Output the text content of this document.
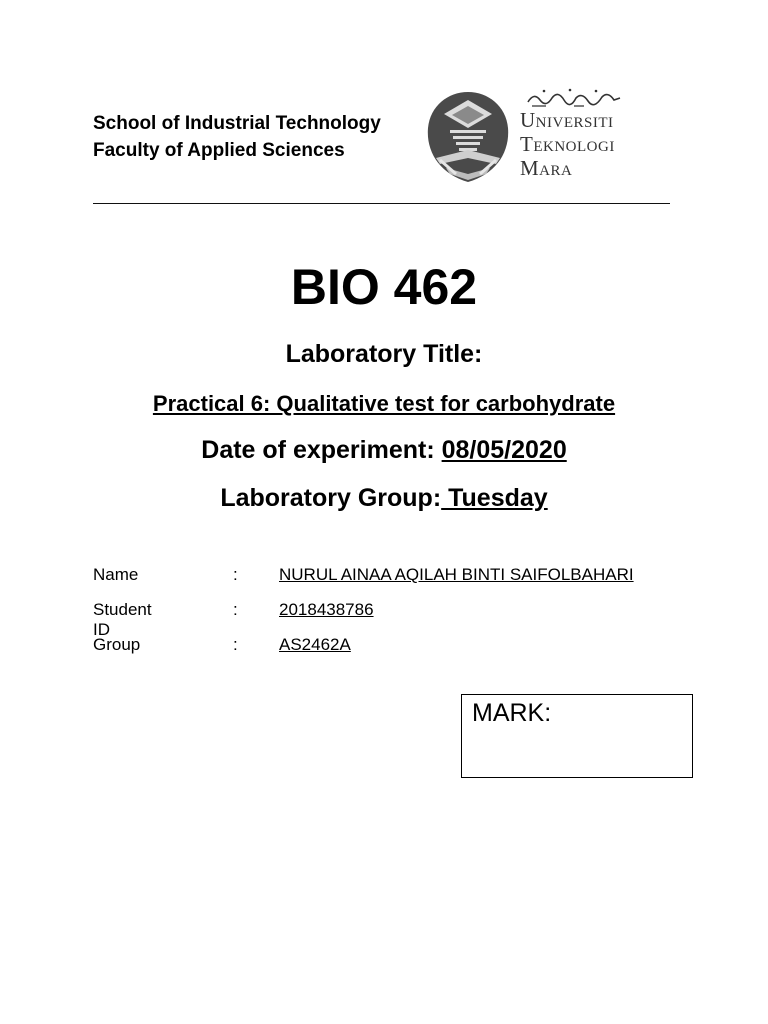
School of Industrial Technology
Faculty of Applied Sciences
Universiti
Teknologi
Mara
BIO 462
Laboratory Title:
Practical 6: Qualitative test for carbohydrate
Date of experiment: 08/05/2020
Laboratory Group: Tuesday
Name	: NURUL AINAA AQILAH BINTI SAIFOLBAHARI
Student ID
: 2018438786
Group	: AS2462A
MARK:
